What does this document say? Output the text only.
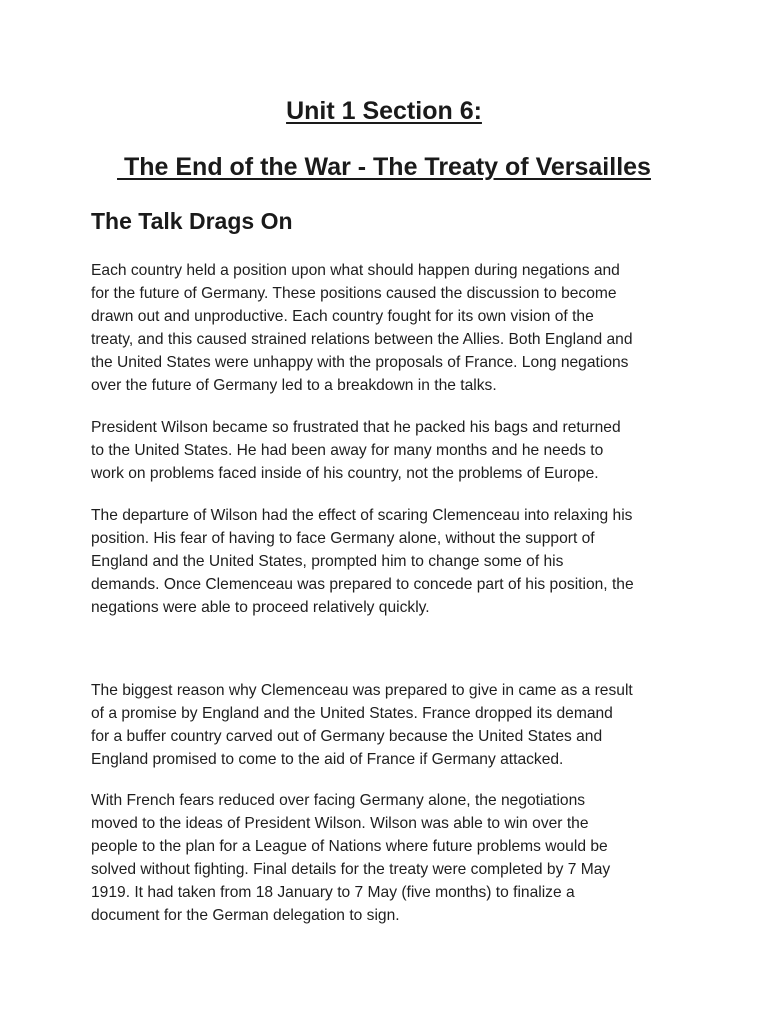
Unit 1 Section 6:
The End of the War - The Treaty of Versailles
The Talk Drags On

Each country held a position upon what should happen during negations and
for the future of Germany. These positions caused the discussion to become
drawn out and unproductive. Each country fought for its own vision of the
treaty, and this caused strained relations between the Allies. Both England and
the United States were unhappy with the proposals of France. Long negations
over the future of Germany led to a breakdown in the talks.

President Wilson became so frustrated that he packed his bags and returned
to the United States. He had been away for many months and he needs to
work on problems faced inside of his country, not the problems of Europe.

The departure of Wilson had the effect of scaring Clemenceau into relaxing his
position. His fear of having to face Germany alone, without the support of
England and the United States, prompted him to change some of his
demands. Once Clemenceau was prepared to concede part of his position, the
negations were able to proceed relatively quickly.

The biggest reason why Clemenceau was prepared to give in came as a result
of a promise by England and the United States. France dropped its demand
for a buffer country carved out of Germany because the United States and
England promised to come to the aid of France if Germany attacked.

With French fears reduced over facing Germany alone, the negotiations
moved to the ideas of President Wilson. Wilson was able to win over the
people to the plan for a League of Nations where future problems would be
solved without fighting. Final details for the treaty were completed by 7 May
1919. It had taken from 18 January to 7 May (five months) to finalize a
document for the German delegation to sign.
